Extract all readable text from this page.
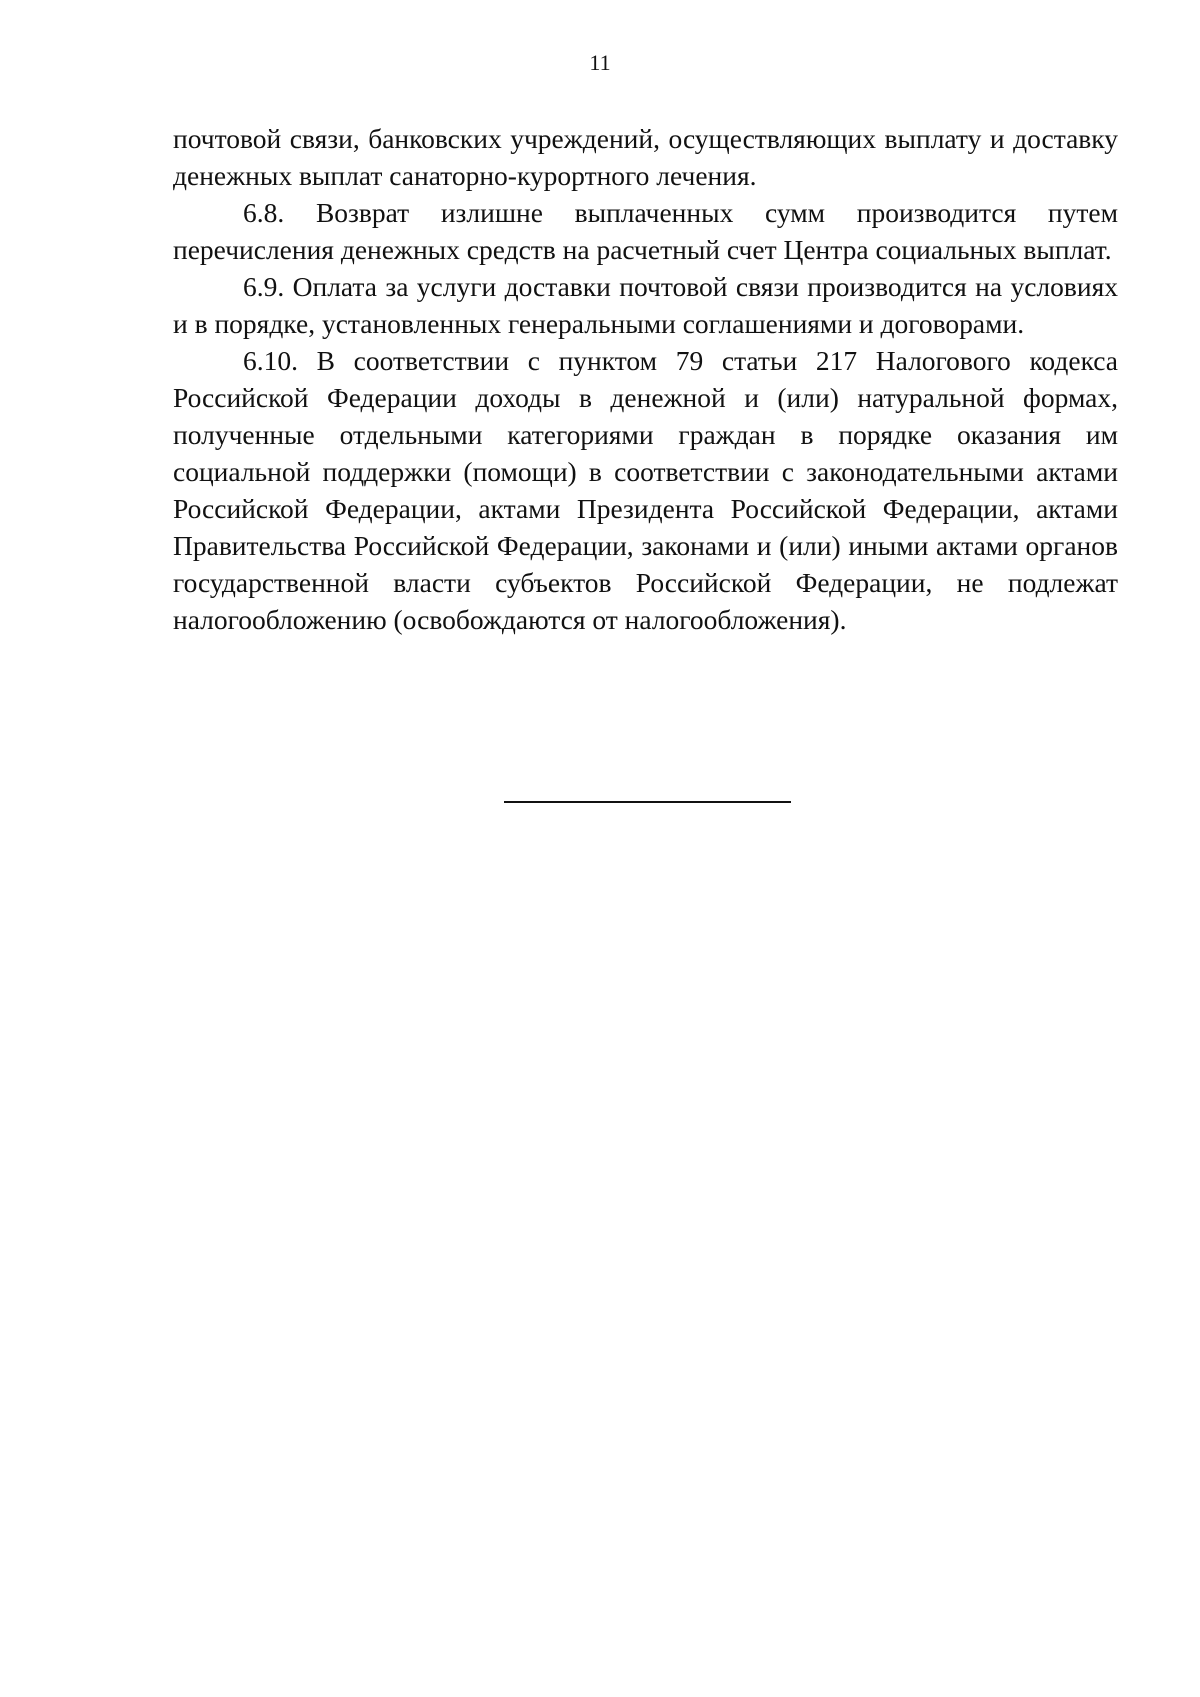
11

почтовой связи, банковских учреждений, осуществляющих выплату и доставку денежных выплат санаторно-курортного лечения.

6.8. Возврат излишне выплаченных сумм производится путем перечисления денежных средств на расчетный счет Центра социальных выплат.

6.9. Оплата за услуги доставки почтовой связи производится на условиях и в порядке, установленных генеральными соглашениями и договорами.

6.10. В соответствии с пунктом 79 статьи 217 Налогового кодекса Российской Федерации доходы в денежной и (или) натуральной формах, полученные отдельными категориями граждан в порядке оказания им социальной поддержки (помощи) в соответствии с законодательными актами Российской Федерации, актами Президента Российской Федерации, актами Правительства Российской Федерации, законами и (или) иными актами органов государственной власти субъектов Российской Федерации, не подлежат налогообложению (освобождаются от налогообложения).
